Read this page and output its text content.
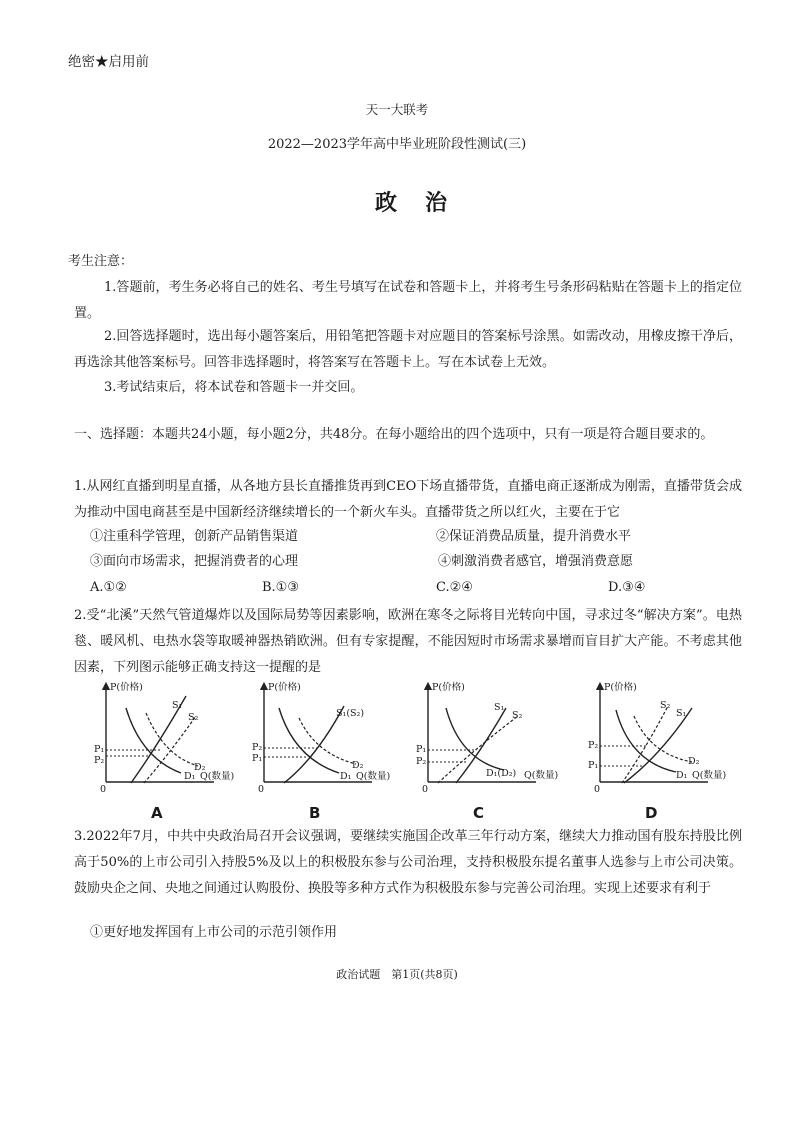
绝密★启用前
天一大联考
2022—2023学年高中毕业班阶段性测试(三)
政治
考生注意：
1.答题前，考生务必将自己的姓名、考生号填写在试卷和答题卡上，并将考生号条形码粘贴在答题卡上的指定位置。
2.回答选择题时，选出每小题答案后，用铅笔把答题卡对应题目的答案标号涂黑。如需改动，用橡皮擦干净后，再选涂其他答案标号。回答非选择题时，将答案写在答题卡上。写在本试卷上无效。
3.考试结束后，将本试卷和答题卡一并交回。
一、选择题：本题共24小题，每小题2分，共48分。在每小题给出的四个选项中，只有一项是符合题目要求的。
1.从网红直播到明星直播，从各地方县长直播推货再到CEO下场直播带货，直播电商正逐渐成为刚需，直播带货会成为推动中国电商甚至是中国新经济继续增长的一个新火车头。直播带货之所以红火，主要在于它
①注重科学管理，创新产品销售渠道	②保证消费品质量，提升消费水平
③面向市场需求，把握消费者的心理	④刺激消费者感官，增强消费意愿
A.①②	B.①③	C.②④	D.③④
2.受“北溪”天然气管道爆炸以及国际局势等因素影响，欧洲在寒冬之际将目光转向中国，寻求过冬“解决方案”。电热毯、暖风机、电热水袋等取暖神器热销欧洲。但有专家提醒，不能因短时市场需求暴增而盲目扩大产能。不考虑其他因素，下列图示能够正确支持这一提醒的是
P(价格)
S₁
S₂
P₁
P₂
D₂
D₁ Q(数量)
0
A
P(价格)
S₁(S₂)
P₂
P₁
D₂
D₁ Q(数量)
0
B
P(价格)
S₁
S₂
P₁
P₂
D₁(D₂) Q(数量)
0
C
P(价格)
S₂
S₁
P₂
P₁	D₂
D₁ Q(数量)
0
D
3.2022年7月，中共中央政治局召开会议强调，要继续实施国企改革三年行动方案，继续大力推动国有股东持股比例高于50%的上市公司引入持股5%及以上的积极股东参与公司治理，支持积极股东提名董事人选参与上市公司决策。鼓励央企之间、央地之间通过认购股份、换股等多种方式作为积极股东参与完善公司治理。实现上述要求有利于
①更好地发挥国有上市公司的示范引领作用
政治试题　第1页(共8页)
